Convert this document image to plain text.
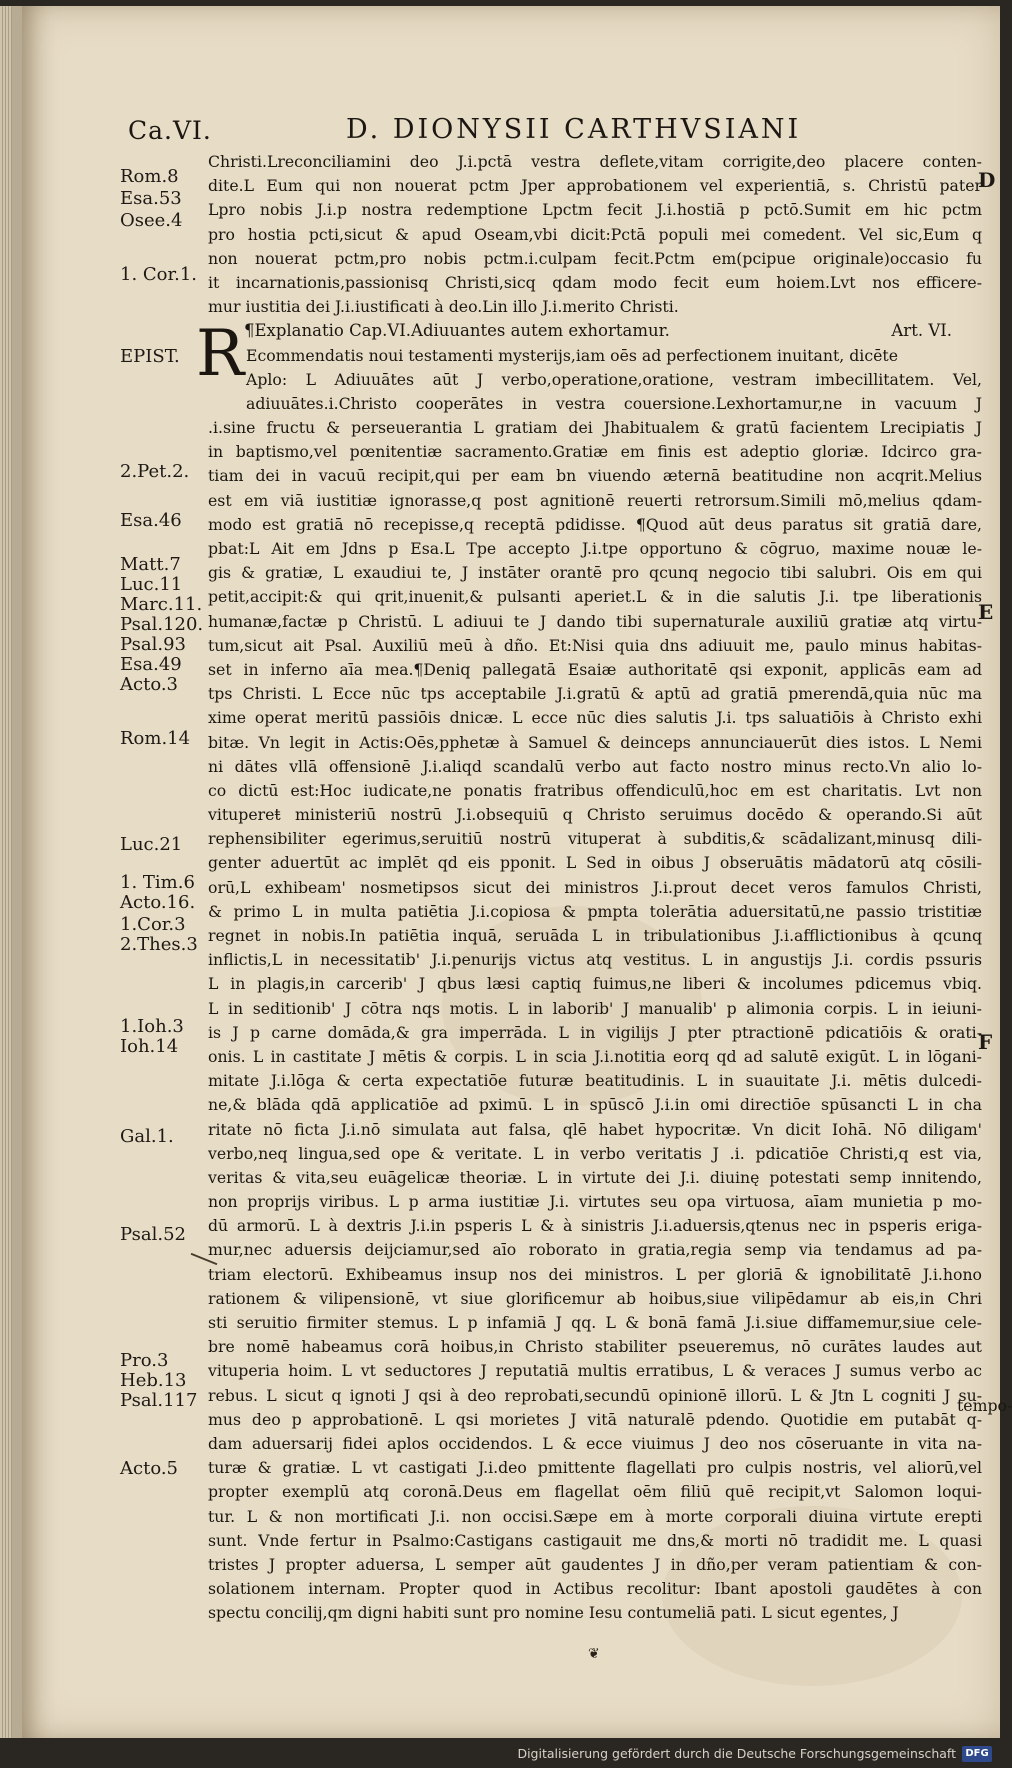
Ca.VI.	D. DIONYSII CARTHVSIANI
Rom.8
Esa.53
Osee.4
1. Cor.1.
EPIST.
2.Pet.2.
Esa.46
Matt.7
Luc.11
Marc.11.
Psal.120.
Psal.93
Esa.49
Acto.3
Rom.14
Luc.21
1. Tim.6
Acto.16.
1.Cor.3
2.Thes.3
1.Ioh.3
Ioh.14
Gal.1.
Psal.52
Pro.3
Heb.13
Psal.117
Acto.5
D
E
F
R
Christi.Lreconciliamini deo J.i.pctā vestra deflete,vitam corrigite,deo placere conten-
dite.L Eum qui non nouerat pctm Jper approbationem vel experientiā, s. Christū pater
Lpro nobis J.i.p nostra redemptione Lpctm fecit J.i.hostiā p pctō.Sumit em hic pctm
pro hostia pcti,sicut & apud Oseam,vbi dicit:Pctā populi mei comedent. Vel sic,Eum q
non nouerat pctm,pro nobis pctm.i.culpam fecit.Pctm em(pcipue originale)occasio fu
it incarnationis,passionisq Christi,sicq qdam modo fecit eum hoiem.Lvt nos efficere-
mur iustitia dei J.i.iustificati à deo.Lin illo J.i.merito Christi.
¶Explanatio Cap.VI.Adiuuantes autem exhortamur.	Art. VI.
Ecommendatis noui testamenti mysterijs,iam oēs ad perfectionem inuitant, dicēte
Aplo: L Adiuuātes aūt J verbo,operatione,oratione, vestram imbecillitatem. Vel,
adiuuātes.i.Christo cooperātes in vestra couersione.Lexhortamur,ne in vacuum J
.i.sine fructu & perseuerantia L gratiam dei Jhabitualem & gratū facientem Lrecipiatis J
in baptismo,vel pœnitentiæ sacramento.Gratiæ em finis est adeptio gloriæ. Idcirco gra-
tiam dei in vacuū recipit,qui per eam bn viuendo æternā beatitudine non acqrit.Melius
est em viā iustitiæ ignorasse,q post agnitionē reuerti retrorsum.Simili mō,melius qdam-
modo est gratiā nō recepisse,q receptā pdidisse. ¶Quod aūt deus paratus sit gratiā dare,
pbat:L Ait em Jdns p Esa.L Tpe accepto J.i.tpe opportuno & cōgruo, maxime nouæ le-
gis & gratiæ, L exaudiui te, J instāter orantē pro qcunq negocio tibi salubri. Ois em qui
petit,accipit:& qui qrit,inuenit,& pulsanti aperiet.L & in die salutis J.i. tpe liberationis
humanæ,factæ p Christū. L adiuui te J dando tibi supernaturale auxiliū gratiæ atq virtu-
tum,sicut ait Psal. Auxiliū meū à dño. Et:Nisi quia dns adiuuit me, paulo minus habitas-
set in inferno aīa mea.¶Deniq pallegatā Esaiæ authoritatē qsi exponit, applicās eam ad
tps Christi. L Ecce nūc tps acceptabile J.i.gratū & aptū ad gratiā pmerendā,quia nūc ma
xime operat meritū passiōis dnicæ. L ecce nūc dies salutis J.i. tps saluatiōis à Christo exhi
bitæ. Vn legit in Actis:Oēs,pphetæ à Samuel & deinceps annunciauerūt dies istos. L Nemi
ni dātes vllā offensionē J.i.aliqd scandalū verbo aut facto nostro minus recto.Vn alio lo-
co dictū est:Hoc iudicate,ne ponatis fratribus offendiculū,hoc em est charitatis. Lvt non
vitupereŧ ministeriū nostrū J.i.obsequiū q Christo seruimus docēdo & operando.Si aūt
rephensibiliter egerimus,seruitiū nostrū vituperat à subditis,& scādalizant,minusq dili-
genter aduertūt ac implēt qd eis pponit. L Sed in oibus J obseruātis mādatorū atq cōsili-
orū,L exhibeam' nosmetipsos sicut dei ministros J.i.prout decet veros famulos Christi,
& primo L in multa patiētia J.i.copiosa & pmpta tolerātia aduersitatū,ne passio tristitiæ
regnet in nobis.In patiētia inquā, seruāda L in tribulationibus J.i.afflictionibus à qcunq
inflictis,L in necessitatib' J.i.penurijs victus atq vestitus. L in angustijs J.i. cordis pssuris
L in plagis,in carcerib' J qbus læsi captiq fuimus,ne liberi & incolumes pdicemus vbiq.
L in seditionib' J cōtra nqs motis. L in laborib' J manualib' p alimonia corpis. L in ieiuni-
is J p carne domāda,& gra imperrāda. L in vigilijs J pter ptractionē pdicatiōis & orati-
onis. L in castitate J mētis & corpis. L in scia J.i.notitia eorq qd ad salutē exigūt. L in lōgani-
mitate J.i.lōga & certa expectatiōe futuræ beatitudinis. L in suauitate J.i. mētis dulcedi-
ne,& blāda qdā applicatiōe ad pximū. L in spūscō J.i.in omi directiōe spūsancti L in cha
ritate nō ficta J.i.nō simulata aut falsa, qlē habet hypocritæ. Vn dicit Iohā. Nō diligam'
verbo,neq lingua,sed ope & veritate. L in verbo veritatis J .i. pdicatiōe Christi,q est via,
veritas & vita,seu euāgelicæ theoriæ. L in virtute dei J.i. diuinę potestati semp innitendo,
non proprijs viribus. L p arma iustitiæ J.i. virtutes seu opa virtuosa, aīam munietia p mo-
dū armorū. L à dextris J.i.in psperis L & à sinistris J.i.aduersis,qtenus nec in psperis eriga-
mur,nec aduersis deijciamur,sed aīo roborato in gratia,regia semp via tendamus ad pa-
triam electorū. Exhibeamus insup nos dei ministros. L per gloriā & ignobilitatē J.i.hono
rationem & vilipensionē, vt siue glorificemur ab hoibus,siue vilipēdamur ab eis,in Chri
sti seruitio firmiter stemus. L p infamiā J qq. L & bonā famā J.i.siue diffamemur,siue cele-
bre nomē habeamus corā hoibus,in Christo stabiliter pseueremus, nō curātes laudes aut
vituperia hoim. L vt seductores J reputatiā multis erratibus, L & veraces J sumus verbo ac
rebus. L sicut q ignoti J qsi à deo reprobati,secundū opinionē illorū. L & Jtn L cogniti J su-
mus deo p approbationē. L qsi morietes J vitā naturalē pdendo. Quotidie em putabāt q-
dam aduersarij fidei aplos occidendos. L & ecce viuimus J deo nos cōseruante in vita na-
turæ & gratiæ. L vt castigati J.i.deo pmittente flagellati pro culpis nostris, vel aliorū,vel
propter exemplū atq coronā.Deus em flagellat oēm filiū quē recipit,vt Salomon loqui-
tur. L & non mortificati J.i. non occisi.Sæpe em à morte corporali diuina virtute erepti
sunt. Vnde fertur in Psalmo:Castigans castigauit me dns,& morti nō tradidit me. L quasi
tristes J propter aduersa, L semper aūt gaudentes J in dño,per veram patientiam & con-
solationem internam. Propter quod in Actibus recolitur: Ibant apostoli gaudētes à con
spectu concilij,qm digni habiti sunt pro nomine Iesu contumeliā pati. L sicut egentes, J
tempo-
❦
Digitalisierung gefördert durch die Deutsche Forschungsgemeinschaft DFG
